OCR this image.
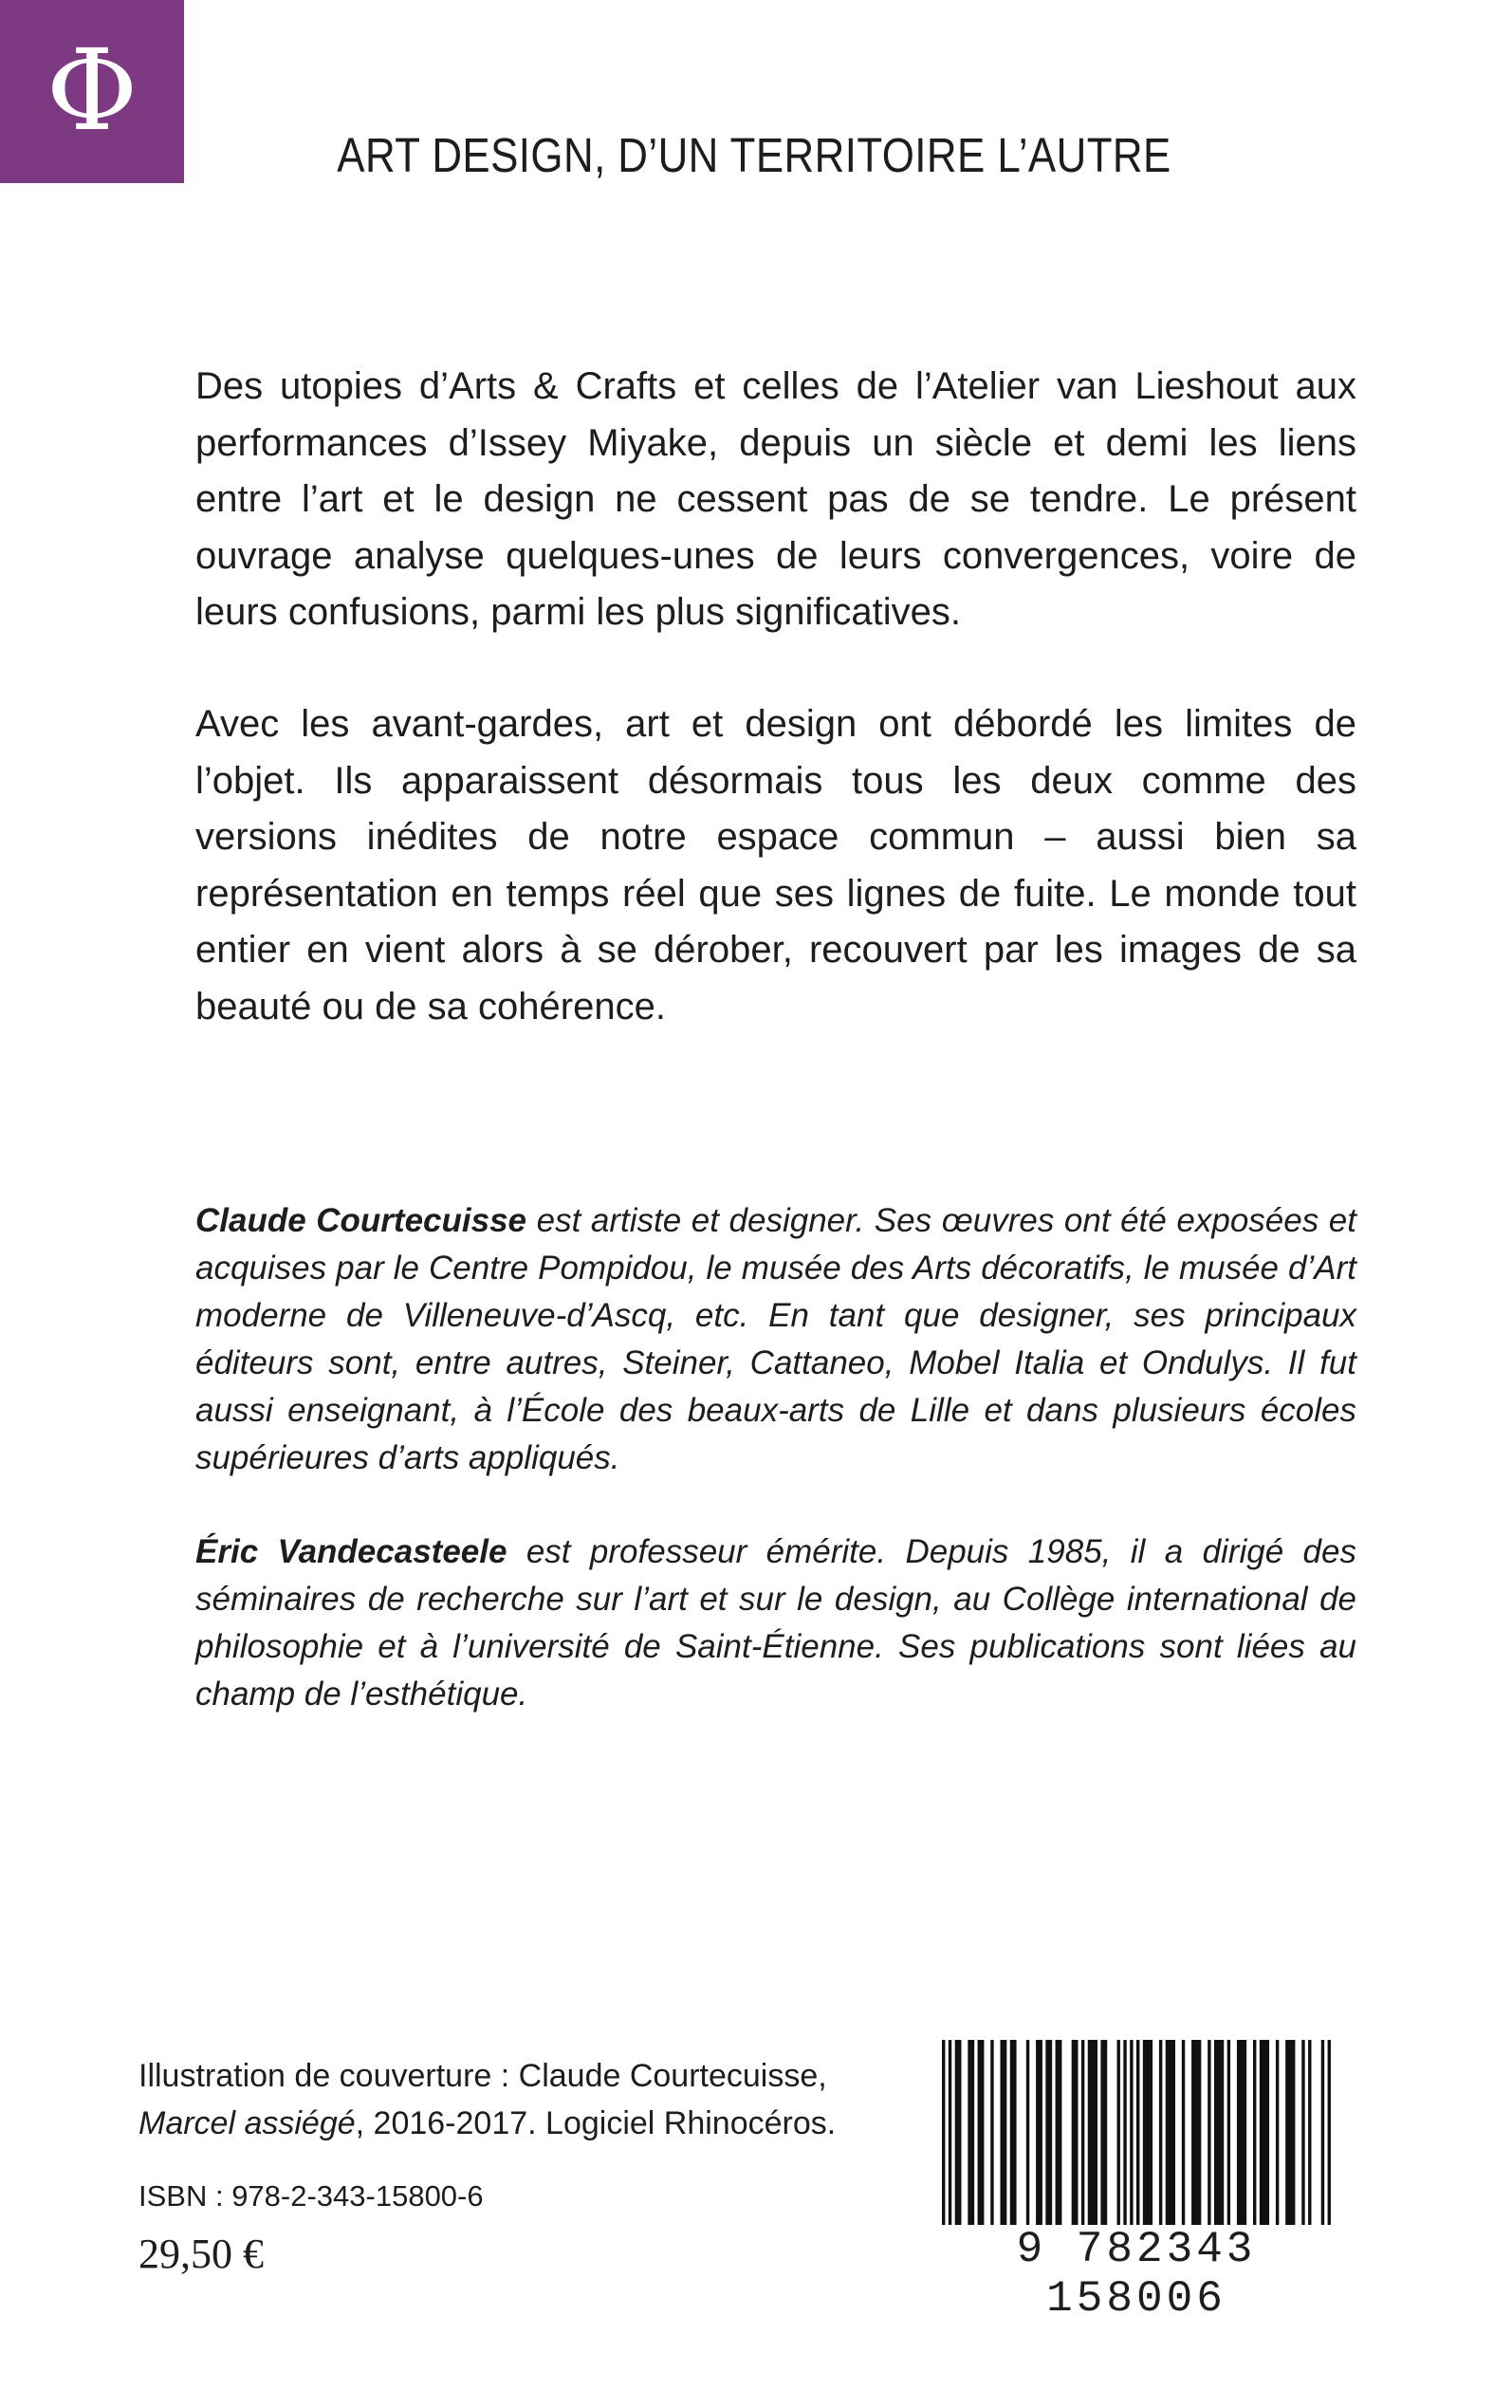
Φ	ART DESIGN, D’UN TERRITOIRE L’AUTRE

Des utopies d’Arts & Crafts et celles de l’Atelier van Lieshout aux performances d’Issey Miyake, depuis un siècle et demi les liens entre l’art et le design ne cessent pas de se tendre. Le présent ouvrage analyse quelques-unes de leurs convergences, voire de leurs confusions, parmi les plus significatives.

Avec les avant-gardes, art et design ont débordé les limites de l’objet. Ils apparaissent désormais tous les deux comme des versions inédites de notre espace commun – aussi bien sa représentation en temps réel que ses lignes de fuite. Le monde tout entier en vient alors à se dérober, recouvert par les images de sa beauté ou de sa cohérence.

Claude Courtecuisse est artiste et designer. Ses œuvres ont été exposées et acquises par le Centre Pompidou, le musée des Arts décoratifs, le musée d’Art moderne de Villeneuve-d’Ascq, etc. En tant que designer, ses principaux éditeurs sont, entre autres, Steiner, Cattaneo, Mobel Italia et Ondulys. Il fut aussi enseignant, à l’École des beaux-arts de Lille et dans plusieurs écoles supérieures d’arts appliqués.

Éric Vandecasteele est professeur émérite. Depuis 1985, il a dirigé des séminaires de recherche sur l’art et sur le design, au Collège international de philosophie et à l’université de Saint-Étienne. Ses publications sont liées au champ de l’esthétique.

Illustration de couverture : Claude Courtecuisse,
Marcel assiégé, 2016-2017. Logiciel Rhinocéros.
ISBN : 978-2-343-15800-6
29,50 €	9 782343 158006
